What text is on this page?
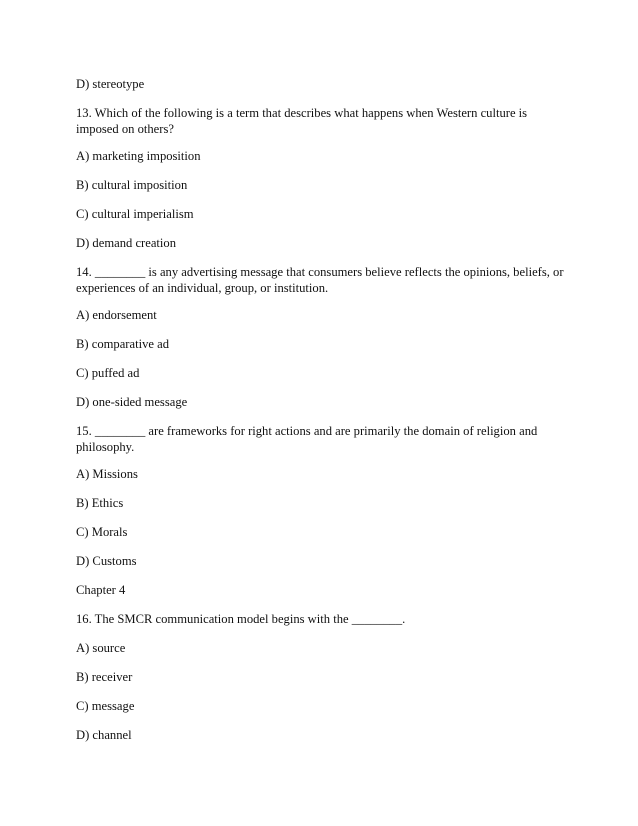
D) stereotype
13. Which of the following is a term that describes what happens when Western culture is
imposed on others?
A) marketing imposition
B) cultural imposition
C) cultural imperialism
D) demand creation
14. ________ is any advertising message that consumers believe reflects the opinions, beliefs, or
experiences of an individual, group, or institution.
A) endorsement
B) comparative ad
C) puffed ad
D) one-sided message
15. ________ are frameworks for right actions and are primarily the domain of religion and
philosophy.
A) Missions
B) Ethics
C) Morals
D) Customs
Chapter 4
16. The SMCR communication model begins with the ________.
A) source
B) receiver
C) message
D) channel
